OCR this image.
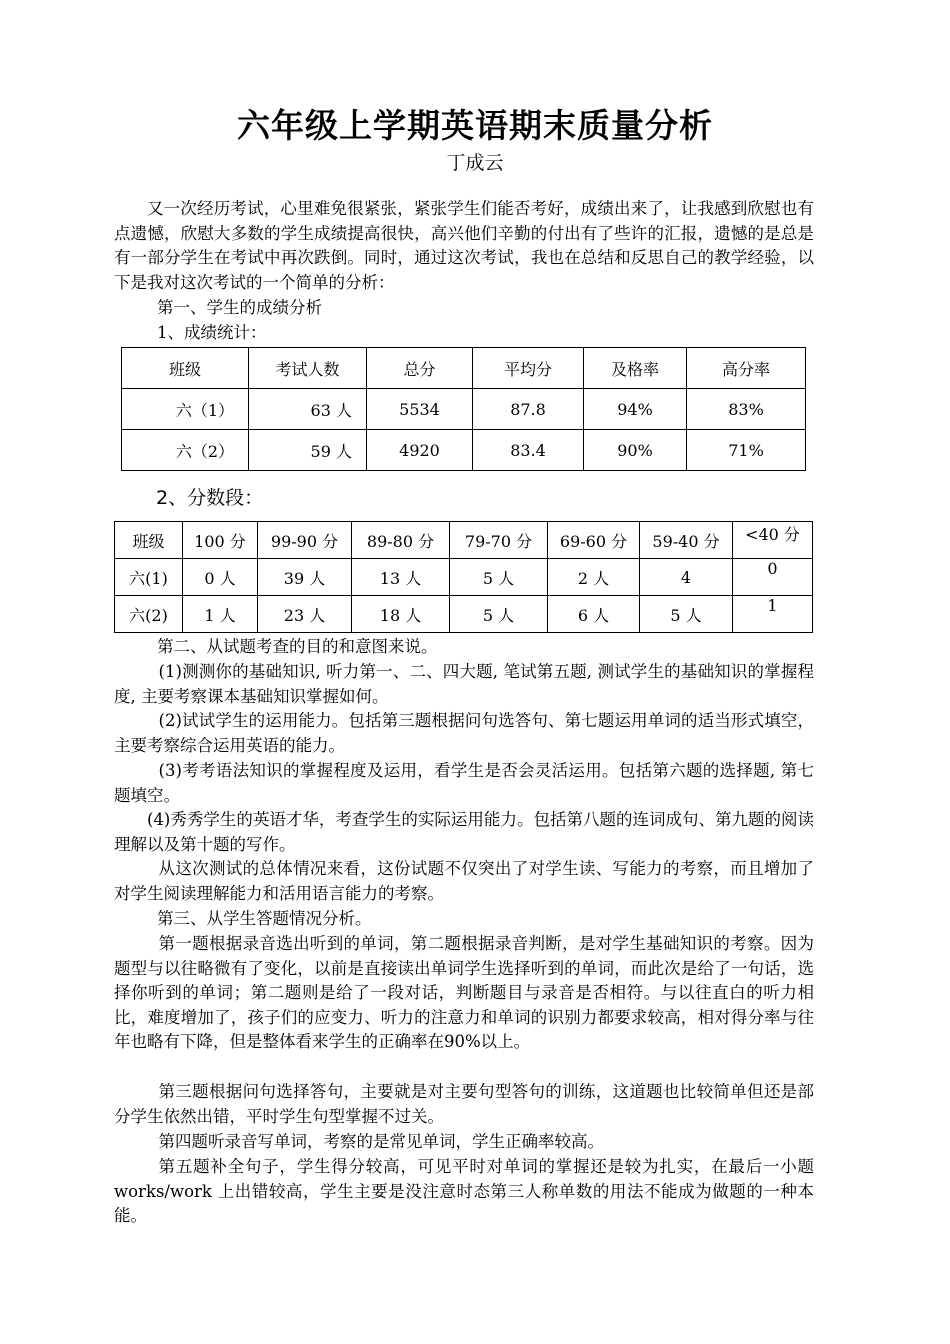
六年级上学期英语期末质量分析
丁成云

又一次经历考试，心里难免很紧张，紧张学生们能否考好，成绩出来了，让我感到欣慰也有点遗憾，欣慰大多数的学生成绩提高很快，高兴他们辛勤的付出有了些许的汇报，遗憾的是总是有一部分学生在考试中再次跌倒。同时，通过这次考试，我也在总结和反思自己的教学经验，以下是我对这次考试的一个简单的分析：

第一、学生的成绩分析

1、成绩统计：

班级	考试人数	总分	平均分	及格率	高分率
六（1）	63 人	5534	87.8	94%	83%
六（2）	59 人	4920	83.4	90%	71%
2、分数段：
班级	100 分	99-90 分	89-80 分	79-70 分	69-60 分	59-40 分	<40 分
六(1)	0 人	39 人	13 人	5 人	2 人	4	0
六(2)	1 人	23 人	18 人	5 人	6 人	5 人	1

第二、从试题考查的目的和意图来说。

(1)测测你的基础知识, 听力第一、二、四大题, 笔试第五题, 测试学生的基础知识的掌握程度, 主要考察课本基础知识掌握如何。

(2)试试学生的运用能力。包括第三题根据问句选答句、第七题运用单词的适当形式填空， 主要考察综合运用英语的能力。

(3)考考语法知识的掌握程度及运用，看学生是否会灵活运用。包括第六题的选择题, 第七题填空。

(4)秀秀学生的英语才华，考查学生的实际运用能力。包括第八题的连词成句、第九题的阅读理解以及第十题的写作。

从这次测试的总体情况来看，这份试题不仅突出了对学生读、写能力的考察，而且增加了对学生阅读理解能力和活用语言能力的考察。

第三、从学生答题情况分析。

第一题根据录音选出听到的单词，第二题根据录音判断，是对学生基础知识的考察。因为题型与以往略微有了变化，以前是直接读出单词学生选择听到的单词，而此次是给了一句话，选择你听到的单词；第二题则是给了一段对话，判断题目与录音是否相符。与以往直白的听力相比，难度增加了，孩子们的应变力、听力的注意力和单词的识别力都要求较高，相对得分率与往年也略有下降，但是整体看来学生的正确率在90%以上。

第三题根据问句选择答句，主要就是对主要句型答句的训练，这道题也比较简单但还是部分学生依然出错，平时学生句型掌握不过关。

第四题听录音写单词，考察的是常见单词，学生正确率较高。

第五题补全句子，学生得分较高，可见平时对单词的掌握还是较为扎实，在最后一小题 works/work 上出错较高，学生主要是没注意时态第三人称单数的用法不能成为做题的一种本能。
